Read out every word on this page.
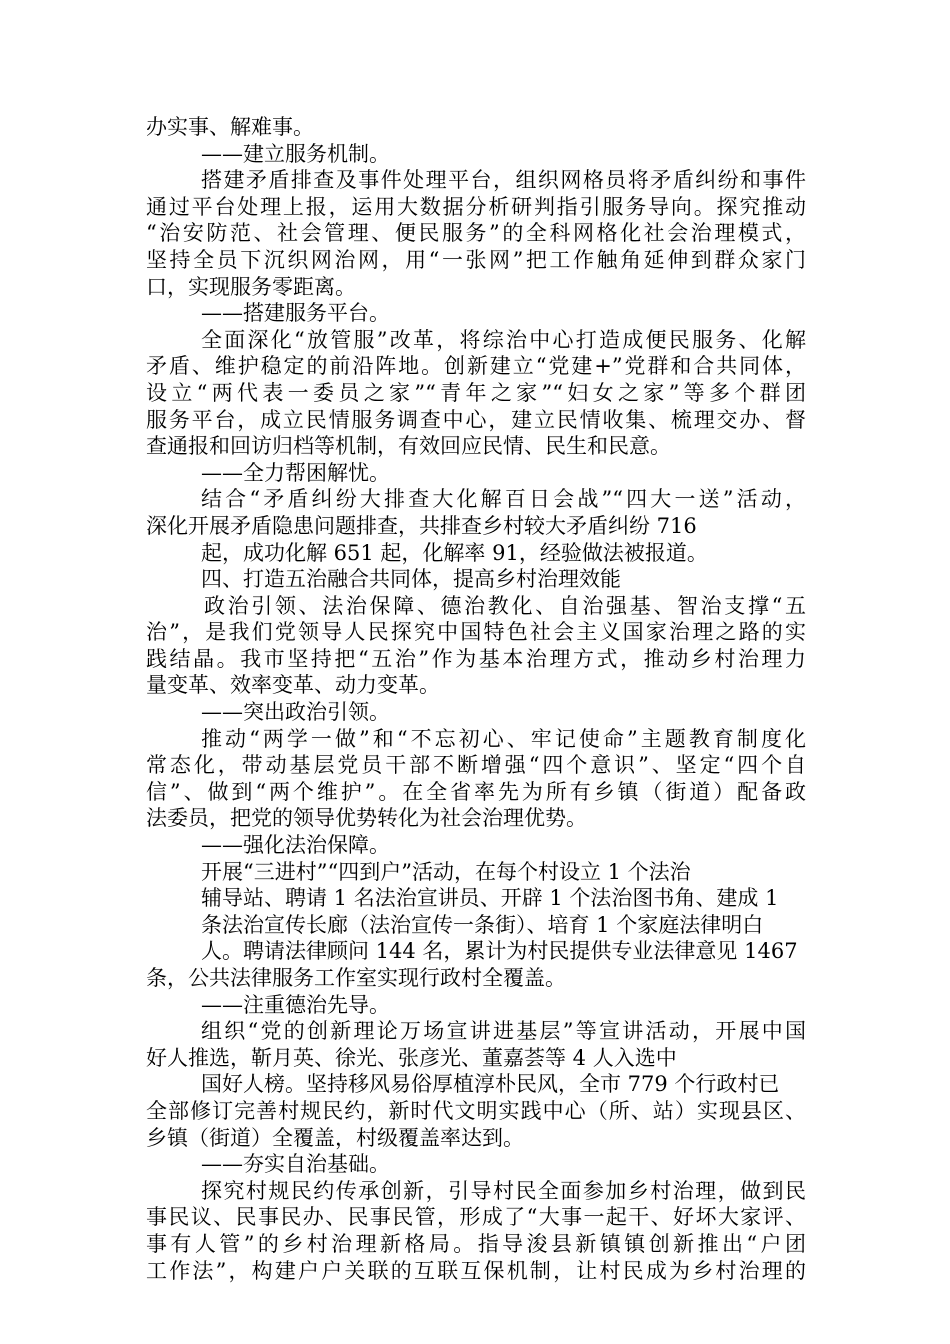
办实事、解难事。
——建立服务机制。
搭建矛盾排查及事件处理平台，组织网格员将矛盾纠纷和事件
通过平台处理上报，运用大数据分析研判指引服务导向。探究推动
“治安防范、社会管理、便民服务”的全科网格化社会治理模式，
坚持全员下沉织网治网，用“一张网”把工作触角延伸到群众家门
口，实现服务零距离。
——搭建服务平台。
全面深化“放管服”改革，将综治中心打造成便民服务、化解
矛盾、维护稳定的前沿阵地。创新建立“党建+”党群和合共同体，
设立“两代表一委员之家”“青年之家”“妇女之家”等多个群团
服务平台，成立民情服务调查中心，建立民情收集、梳理交办、督
查通报和回访归档等机制，有效回应民情、民生和民意。
——全力帮困解忧。
结合“矛盾纠纷大排查大化解百日会战”“四大一送”活动，
深化开展矛盾隐患问题排查，共排查乡村较大矛盾纠纷 716
起，成功化解 651 起，化解率 91，经验做法被报道。
四、打造五治融合共同体，提高乡村治理效能
政治引领、法治保障、德治教化、自治强基、智治支撑“五
治”，是我们党领导人民探究中国特色社会主义国家治理之路的实
践结晶。我市坚持把“五治”作为基本治理方式，推动乡村治理力
量变革、效率变革、动力变革。
——突出政治引领。
推动“两学一做”和“不忘初心、牢记使命”主题教育制度化
常态化，带动基层党员干部不断增强“四个意识”、坚定“四个自
信”、做到“两个维护”。在全省率先为所有乡镇（街道）配备政
法委员，把党的领导优势转化为社会治理优势。
——强化法治保障。
开展“三进村”“四到户”活动，在每个村设立 1 个法治
辅导站、聘请 1 名法治宣讲员、开辟 1 个法治图书角、建成 1
条法治宣传长廊（法治宣传一条街）、培育 1 个家庭法律明白
人。聘请法律顾问 144 名，累计为村民提供专业法律意见 1467
条，公共法律服务工作室实现行政村全覆盖。
——注重德治先导。
组织“党的创新理论万场宣讲进基层”等宣讲活动，开展中国
好人推选，靳月英、徐光、张彦光、董嘉荟等 4 人入选中
国好人榜。坚持移风易俗厚植淳朴民风，全市 779 个行政村已
全部修订完善村规民约，新时代文明实践中心（所、站）实现县区、
乡镇（街道）全覆盖，村级覆盖率达到。
——夯实自治基础。
探究村规民约传承创新，引导村民全面参加乡村治理，做到民
事民议、民事民办、民事民管，形成了“大事一起干、好坏大家评、
事有人管”的乡村治理新格局。指导浚县新镇镇创新推出“户团
工作法”，构建户户关联的互联互保机制，让村民成为乡村治理的
